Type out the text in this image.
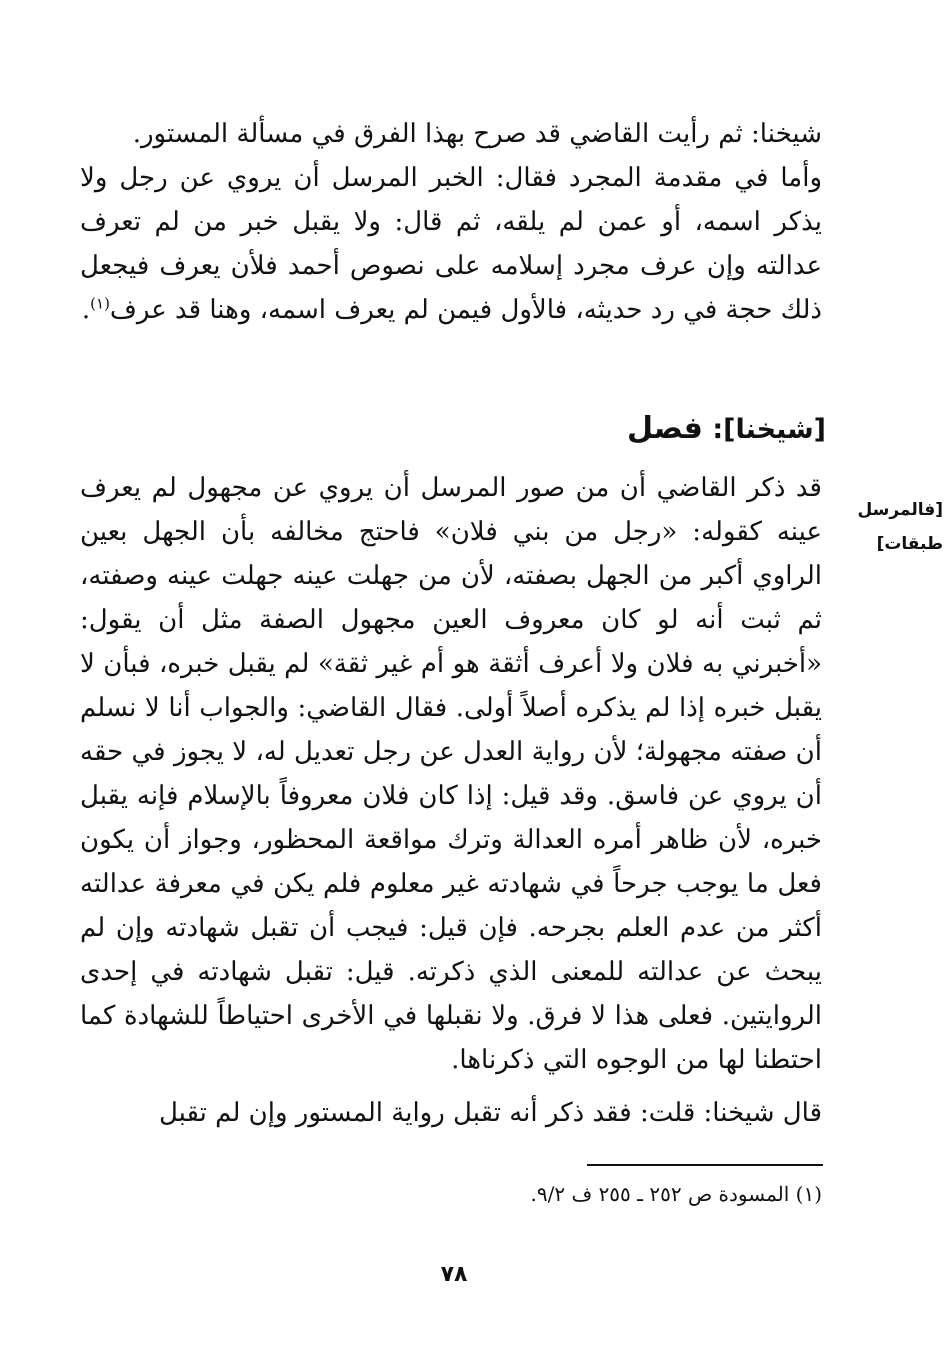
شيخنا: ثم رأيت القاضي قد صرح بهذا الفرق في مسألة المستور.
وأما في مقدمة المجرد فقال: الخبر المرسل أن يروي عن رجل ولا يذكر اسمه، أو عمن لم يلقه، ثم قال: ولا يقبل خبر من لم تعرف عدالته وإن عرف مجرد إسلامه على نصوص أحمد فلأن يعرف فيجعل ذلك حجة في رد حديثه، فالأول فيمن لم يعرف اسمه، وهنا قد عرف$^{(١)}$.

[شيخنا]: فصل
[فالمرسل
طبقات]

قد ذكر القاضي أن من صور المرسل أن يروي عن مجهول لم يعرف عينه كقوله: «رجل من بني فلان» فاحتج مخالفه بأن الجهل بعين الراوي أكبر من الجهل بصفته، لأن من جهلت عينه جهلت عينه وصفته، ثم ثبت أنه لو كان معروف العين مجهول الصفة مثل أن يقول: «أخبرني به فلان ولا أعرف أثقة هو أم غير ثقة» لم يقبل خبره، فبأن لا يقبل خبره إذا لم يذكره أصلاً أولى. فقال القاضي: والجواب أنا لا نسلم أن صفته مجهولة؛ لأن رواية العدل عن رجل تعديل له، لا يجوز في حقه أن يروي عن فاسق. وقد قيل: إذا كان فلان معروفاً بالإسلام فإنه يقبل خبره، لأن ظاهر أمره العدالة وترك مواقعة المحظور، وجواز أن يكون فعل ما يوجب جرحاً في شهادته غير معلوم فلم يكن في معرفة عدالته أكثر من عدم العلم بجرحه. فإن قيل: فيجب أن تقبل شهادته وإن لم يبحث عن عدالته للمعنى الذي ذكرته. قيل: تقبل شهادته في إحدى الروايتين. فعلى هذا لا فرق. ولا نقبلها في الأخرى احتياطاً للشهادة كما احتطنا لها من الوجوه التي ذكرناها.

قال شيخنا: قلت: فقد ذكر أنه تقبل رواية المستور وإن لم تقبل

(١) المسودة ص ٢٥٢ ـ ٢٥٥ ف ٩/٢.
٧٨
